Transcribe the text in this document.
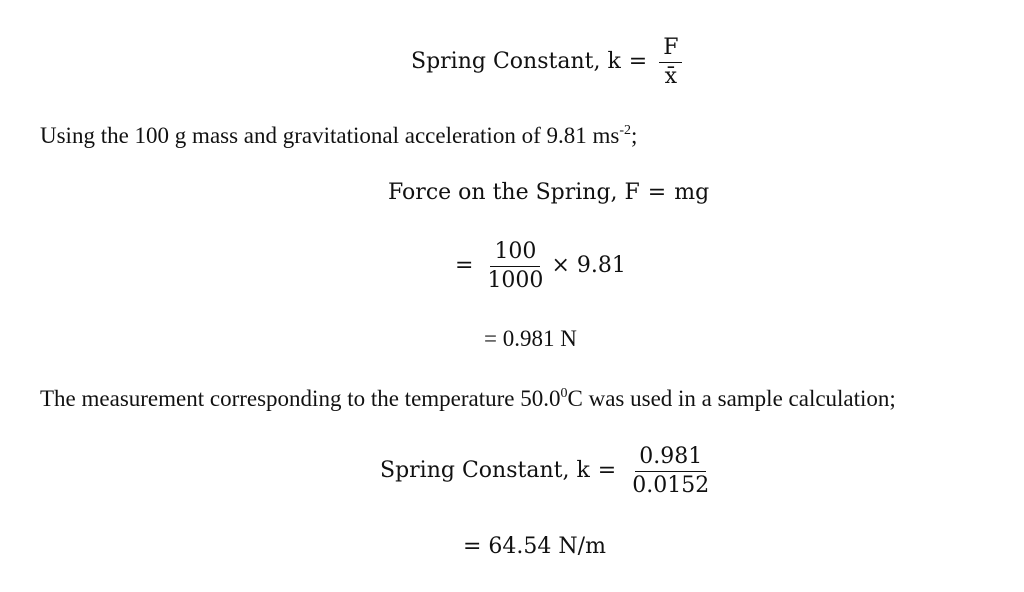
Spring Constant, $k = \frac{F}{x̄}$
Using the 100 g mass and gravitational acceleration of 9.81 $ms^{-2}$;
Force on the Spring, F = mg
= $\frac{100}{1000} \times 9.81$
= 0.981 N
The measurement corresponding to the temperature 50.0$^0$C was used in a sample calculation;
Spring Constant, $k = \frac{0.981}{0.0152}$
= 64.54 N/m
